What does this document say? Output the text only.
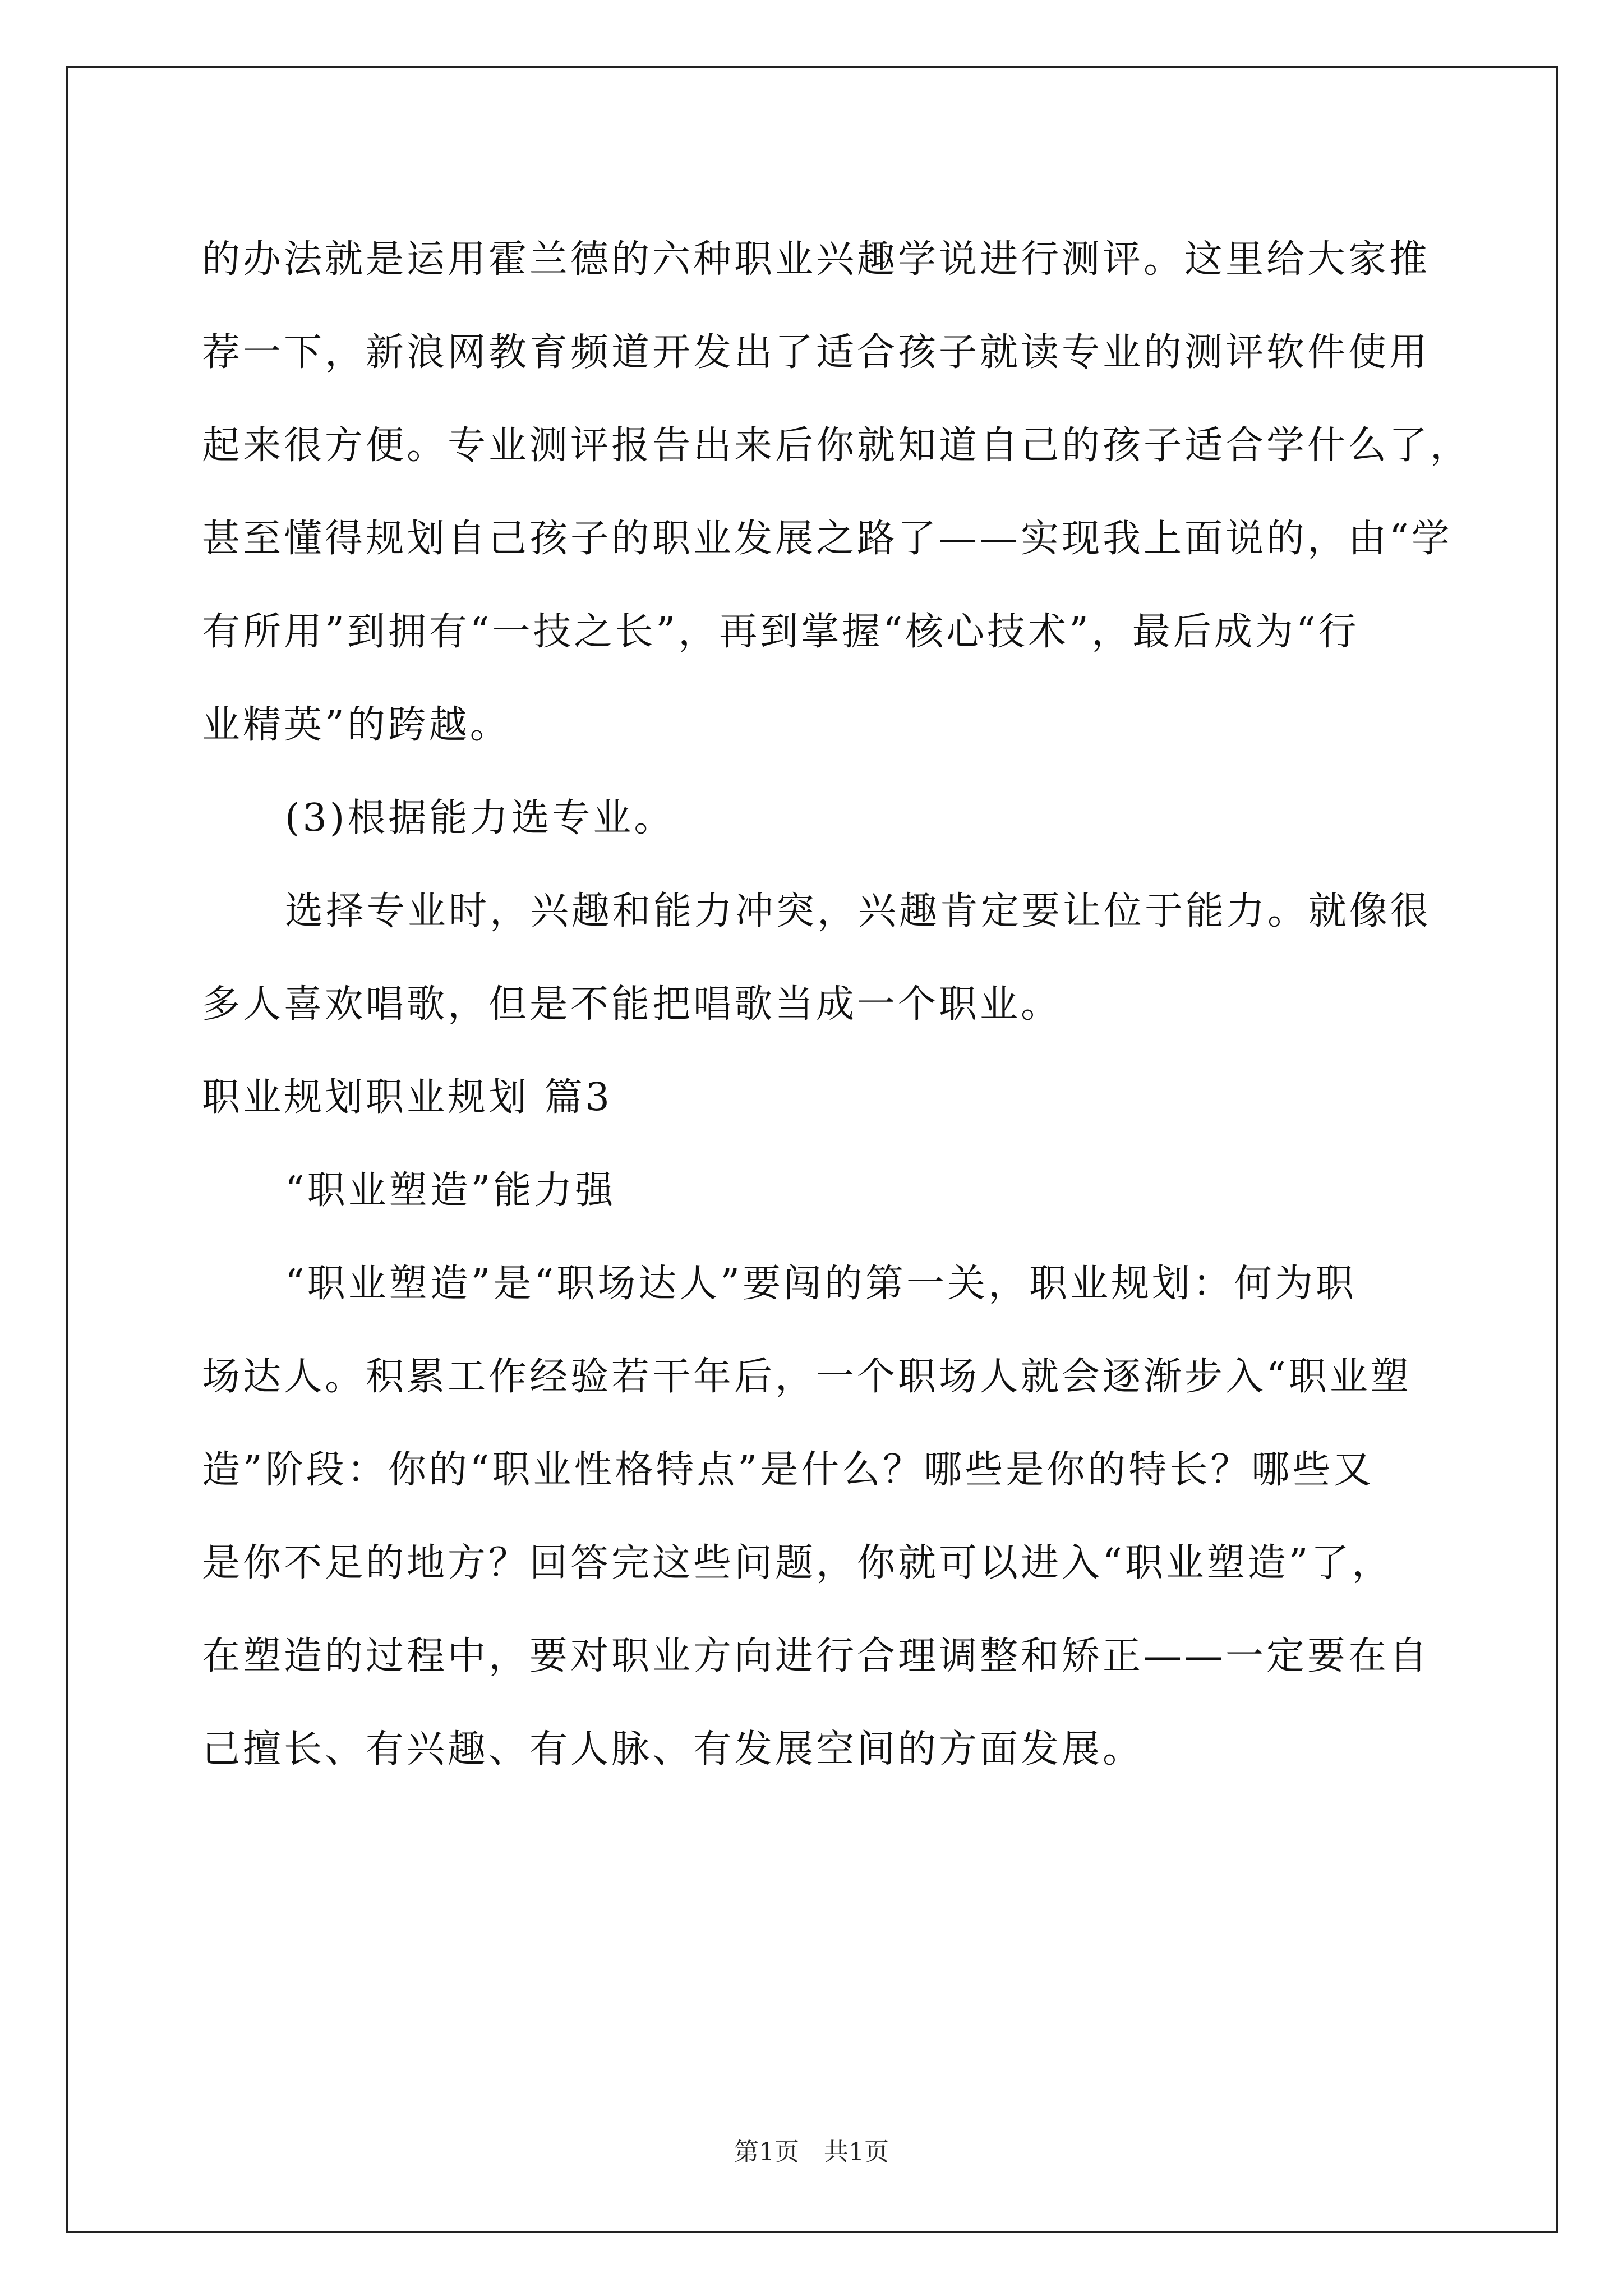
的办法就是运用霍兰德的六种职业兴趣学说进行测评。这里给大家推

荐一下，新浪网教育频道开发出了适合孩子就读专业的测评软件使用

起来很方便。专业测评报告出来后你就知道自己的孩子适合学什么了，

甚至懂得规划自己孩子的职业发展之路了——实现我上面说的，由“学

有所用”到拥有“一技之长”，再到掌握“核心技术”，最后成为“行

业精英”的跨越。

(3)根据能力选专业。

选择专业时，兴趣和能力冲突，兴趣肯定要让位于能力。就像很

多人喜欢唱歌，但是不能把唱歌当成一个职业。

职业规划职业规划 篇3

“职业塑造”能力强

“职业塑造”是“职场达人”要闯的第一关，职业规划：何为职

场达人。积累工作经验若干年后，一个职场人就会逐渐步入“职业塑

造”阶段：你的“职业性格特点”是什么？哪些是你的特长？哪些又

是你不足的地方？回答完这些问题，你就可以进入“职业塑造”了，

在塑造的过程中，要对职业方向进行合理调整和矫正——一定要在自

己擅长、有兴趣、有人脉、有发展空间的方面发展。

第1页　共1页
